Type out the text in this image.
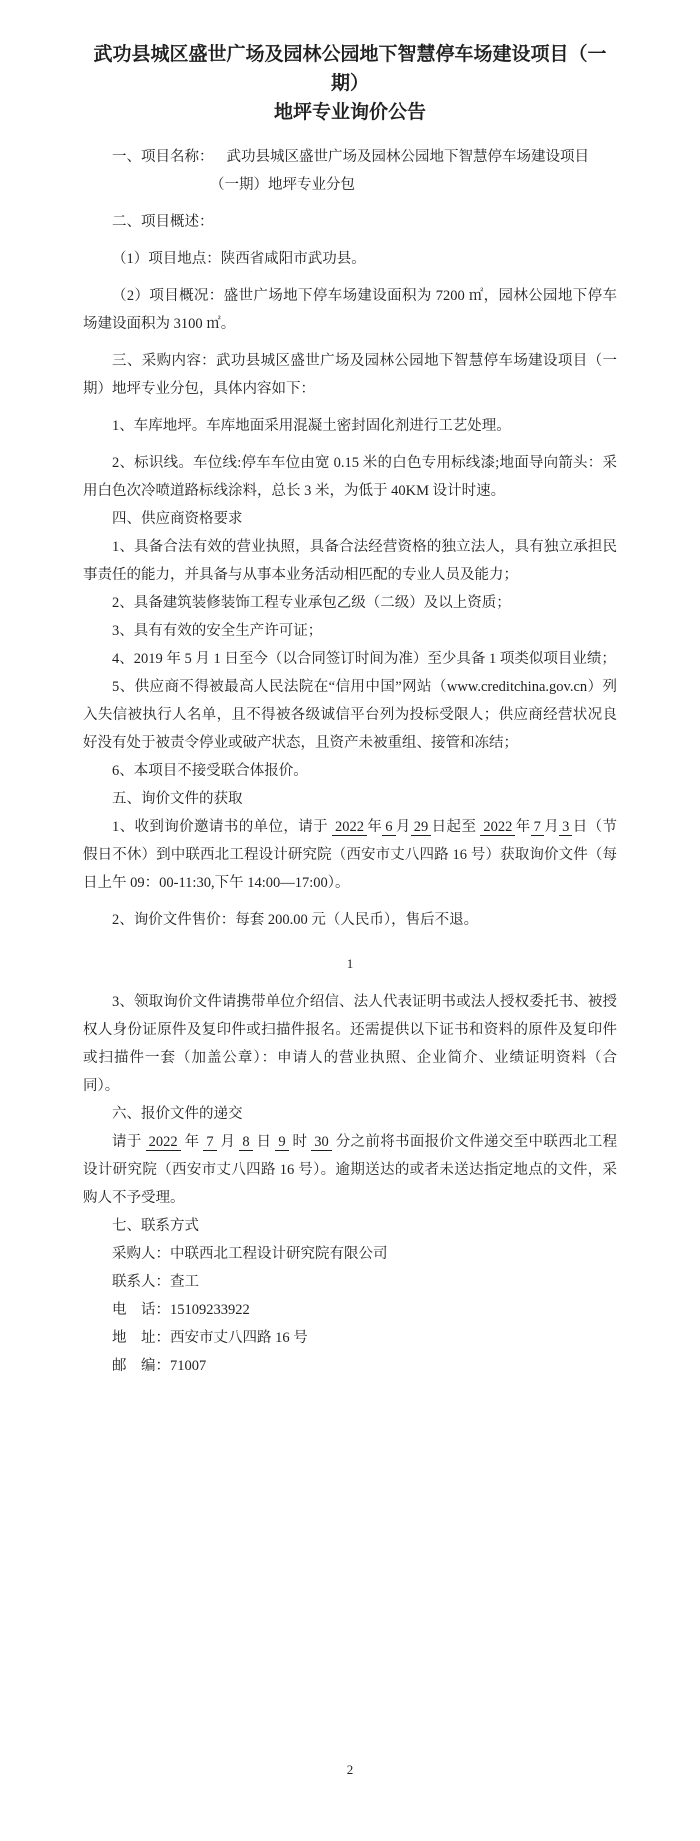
武功县城区盛世广场及园林公园地下智慧停车场建设项目（一期）
地坪专业询价公告

一、项目名称： 武功县城区盛世广场及园林公园地下智慧停车场建设项目
（一期）地坪专业分包

二、项目概述：

（1）项目地点：陕西省咸阳市武功县。

（2）项目概况：盛世广场地下停车场建设面积为 7200 ㎡，园林公园地下停车场建设面积为 3100 ㎡。

三、采购内容：武功县城区盛世广场及园林公园地下智慧停车场建设项目（一期）地坪专业分包，具体内容如下：

1、车库地坪。车库地面采用混凝土密封固化剂进行工艺处理。

2、标识线。车位线:停车车位由宽 0.15 米的白色专用标线漆;地面导向箭头：采用白色次冷喷道路标线涂料，总长 3 米，为低于 40KM 设计时速。

四、供应商资格要求

1、具备合法有效的营业执照，具备合法经营资格的独立法人，具有独立承担民事责任的能力，并具备与从事本业务活动相匹配的专业人员及能力；

2、具备建筑装修装饰工程专业承包乙级（二级）及以上资质；

3、具有有效的安全生产许可证；

4、2019 年 5 月 1 日至今（以合同签订时间为准）至少具备 1 项类似项目业绩；

5、供应商不得被最高人民法院在“信用中国”网站（www.creditchina.gov.cn）列入失信被执行人名单，且不得被各级诚信平台列为投标受限人；供应商经营状况良好没有处于被责令停业或破产状态，且资产未被重组、接管和冻结；

6、本项目不接受联合体报价。

五、询价文件的获取

1、收到询价邀请书的单位，请于 2022 年 6 月 29 日起至 2022 年 7 月 3 日（节假日不休）到中联西北工程设计研究院（西安市丈八四路 16 号）获取询价文件（每日上午 09：00-11:30,下午 14:00—17:00）。

2、询价文件售价：每套 200.00 元（人民币），售后不退。

1

3、领取询价文件请携带单位介绍信、法人代表证明书或法人授权委托书、被授权人身份证原件及复印件或扫描件报名。还需提供以下证书和资料的原件及复印件或扫描件一套（加盖公章）：申请人的营业执照、企业简介、业绩证明资料（合同）。

六、报价文件的递交

请于 2022 年 7 月 8 日 9 时 30 分之前将书面报价文件递交至中联西北工程设计研究院（西安市丈八四路 16 号）。逾期送达的或者未送达指定地点的文件，采购人不予受理。

七、联系方式

采购人：中联西北工程设计研究院有限公司

联系人：查工

电　话：15109233922

地　址：西安市丈八四路 16 号

邮　编：71007

2
